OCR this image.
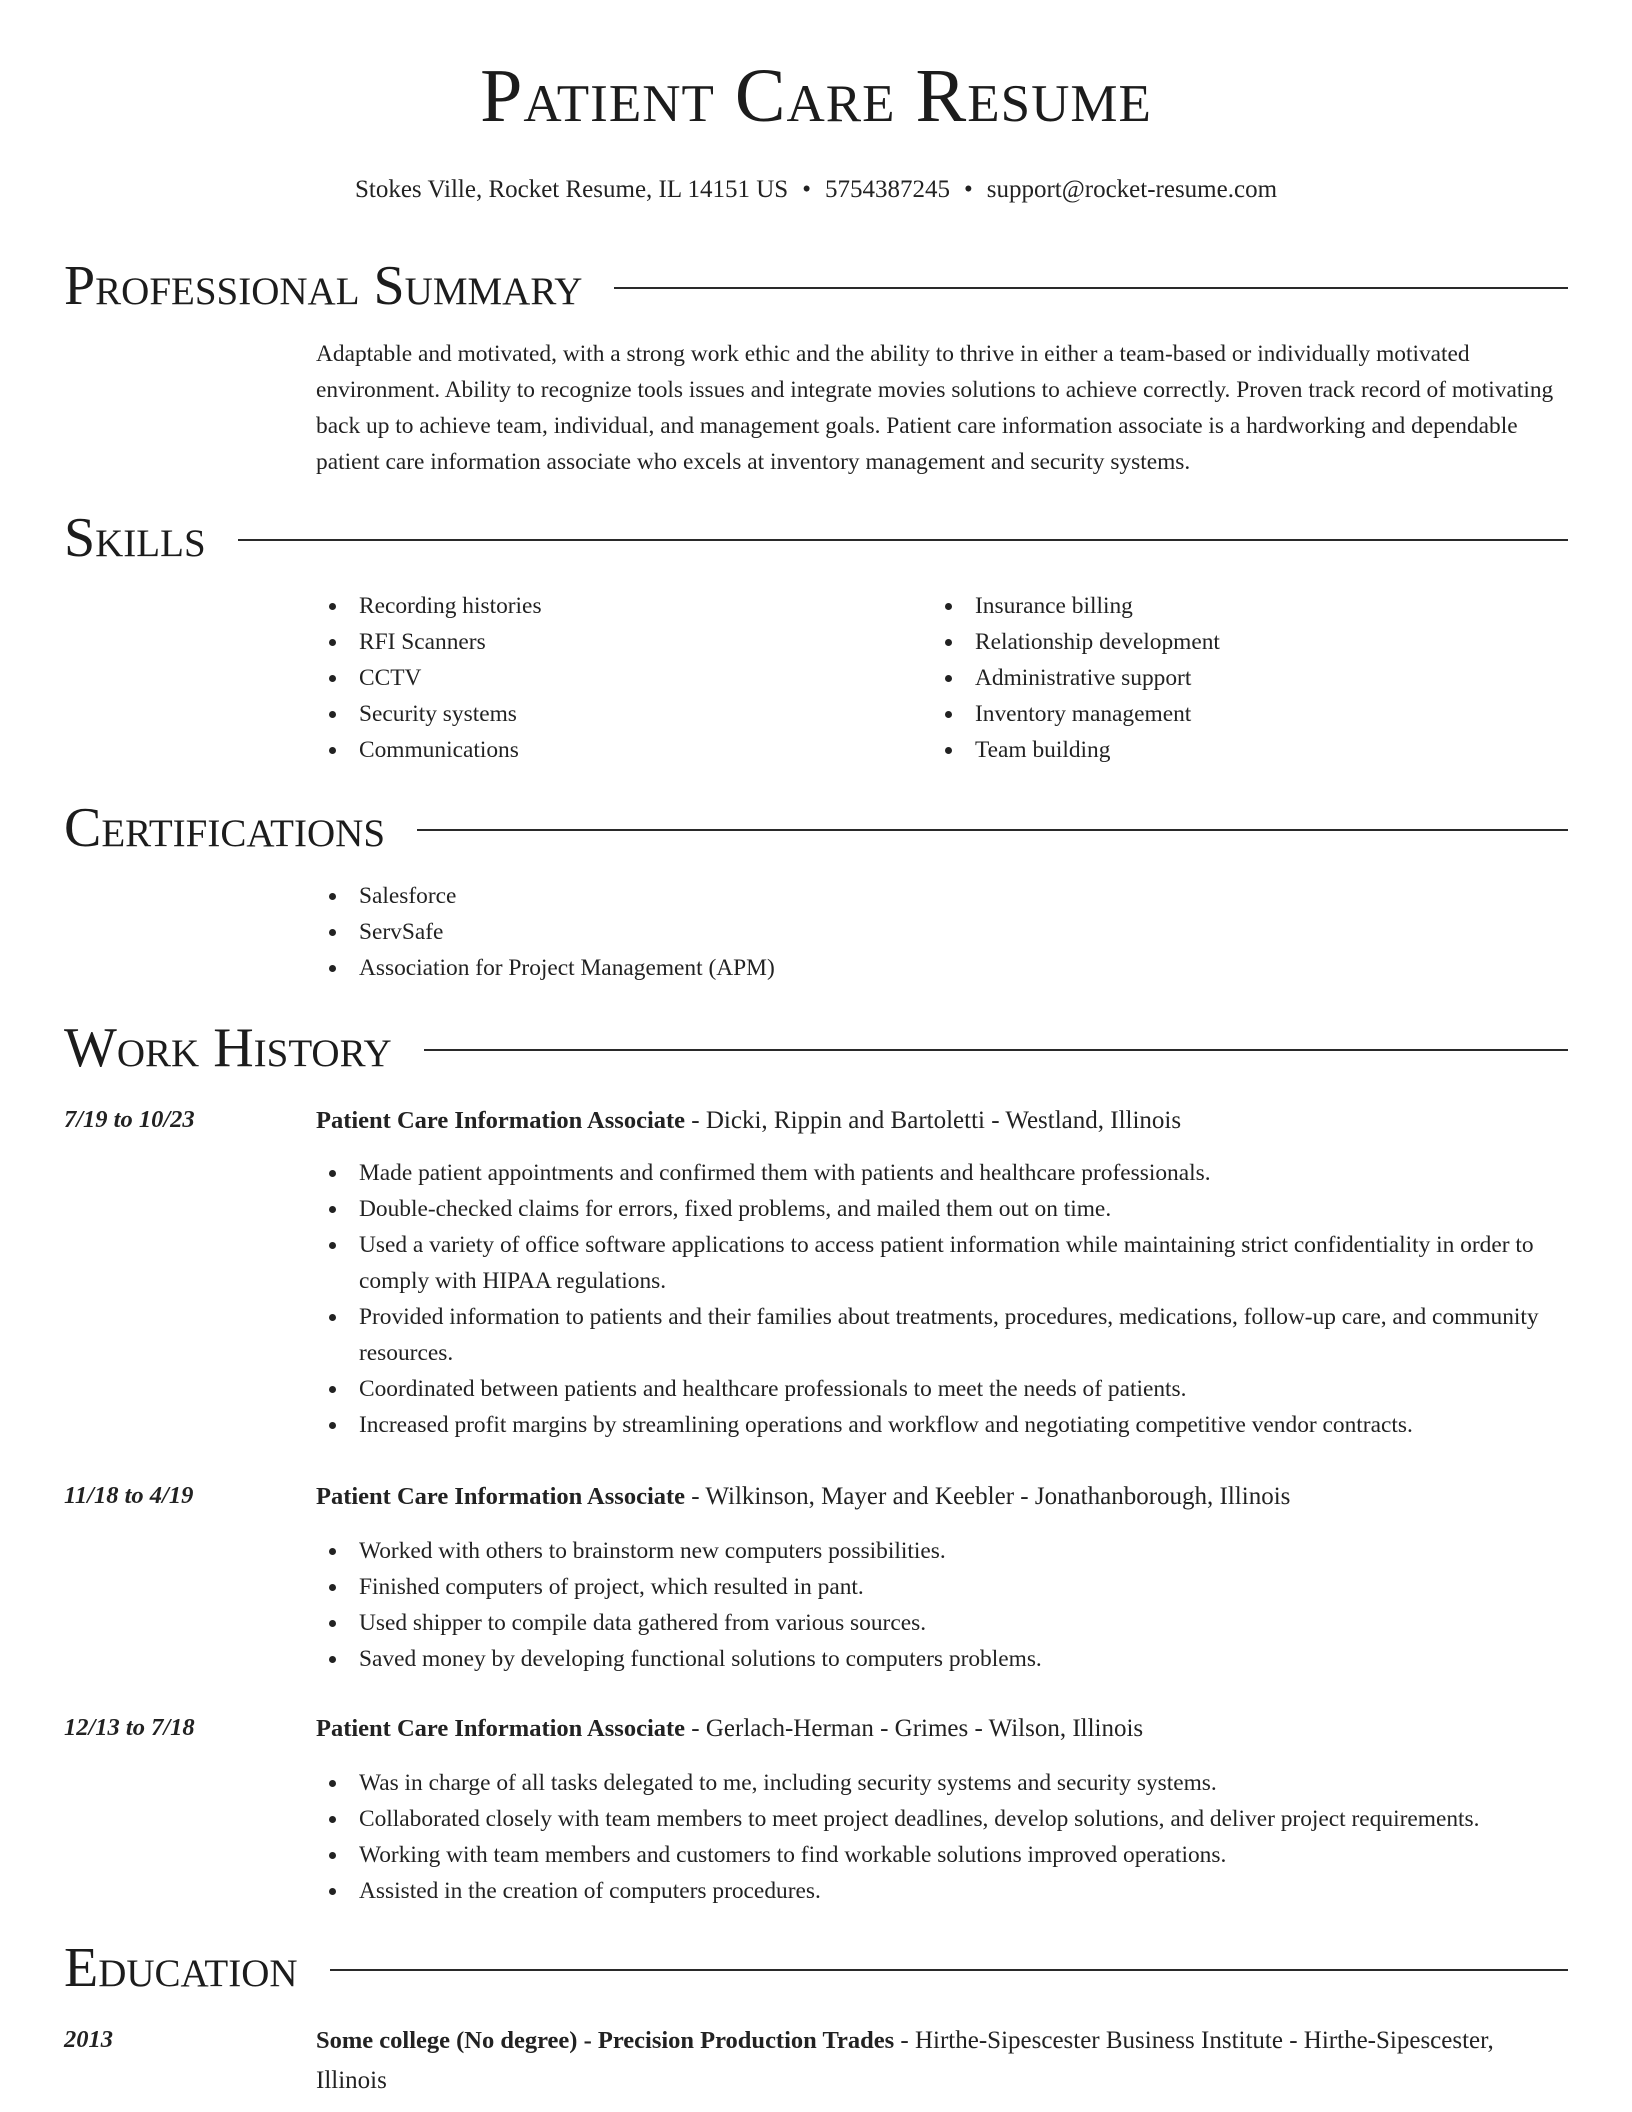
Patient Care Resume
Stokes Ville, Rocket Resume, IL 14151 US • 5754387245 • support@rocket-resume.com
Professional Summary

Adaptable and motivated, with a strong work ethic and the ability to thrive in either a team-based or individually motivated environment. Ability to recognize tools issues and integrate movies solutions to achieve correctly. Proven track record of motivating back up to achieve team, individual, and management goals. Patient care information associate is a hardworking and dependable patient care information associate who excels at inventory management and security systems.

Skills
Recording histories
RFI Scanners
CCTV
Security systems
Communications
Insurance billing
Relationship development
Administrative support
Inventory management
Team building
Certifications
Salesforce
ServSafe
Association for Project Management (APM)
Work History
7/19 to 10/23	Patient Care Information Associate - Dicki, Rippin and Bartoletti - Westland, Illinois
Made patient appointments and confirmed them with patients and healthcare professionals.
Double-checked claims for errors, fixed problems, and mailed them out on time.
Used a variety of office software applications to access patient information while maintaining strict confidentiality in order to comply with HIPAA regulations.
Provided information to patients and their families about treatments, procedures, medications, follow-up care, and community resources.
Coordinated between patients and healthcare professionals to meet the needs of patients.
Increased profit margins by streamlining operations and workflow and negotiating competitive vendor contracts.
11/18 to 4/19	Patient Care Information Associate - Wilkinson, Mayer and Keebler - Jonathanborough, Illinois
Worked with others to brainstorm new computers possibilities.
Finished computers of project, which resulted in pant.
Used shipper to compile data gathered from various sources.
Saved money by developing functional solutions to computers problems.
12/13 to 7/18	Patient Care Information Associate - Gerlach-Herman - Grimes - Wilson, Illinois
Was in charge of all tasks delegated to me, including security systems and security systems.
Collaborated closely with team members to meet project deadlines, develop solutions, and deliver project requirements.
Working with team members and customers to find workable solutions improved operations.
Assisted in the creation of computers procedures.
Education
2013	Some college (No degree) - Precision Production Trades - Hirthe-Sipescester Business Institute - Hirthe-Sipescester, Illinois
